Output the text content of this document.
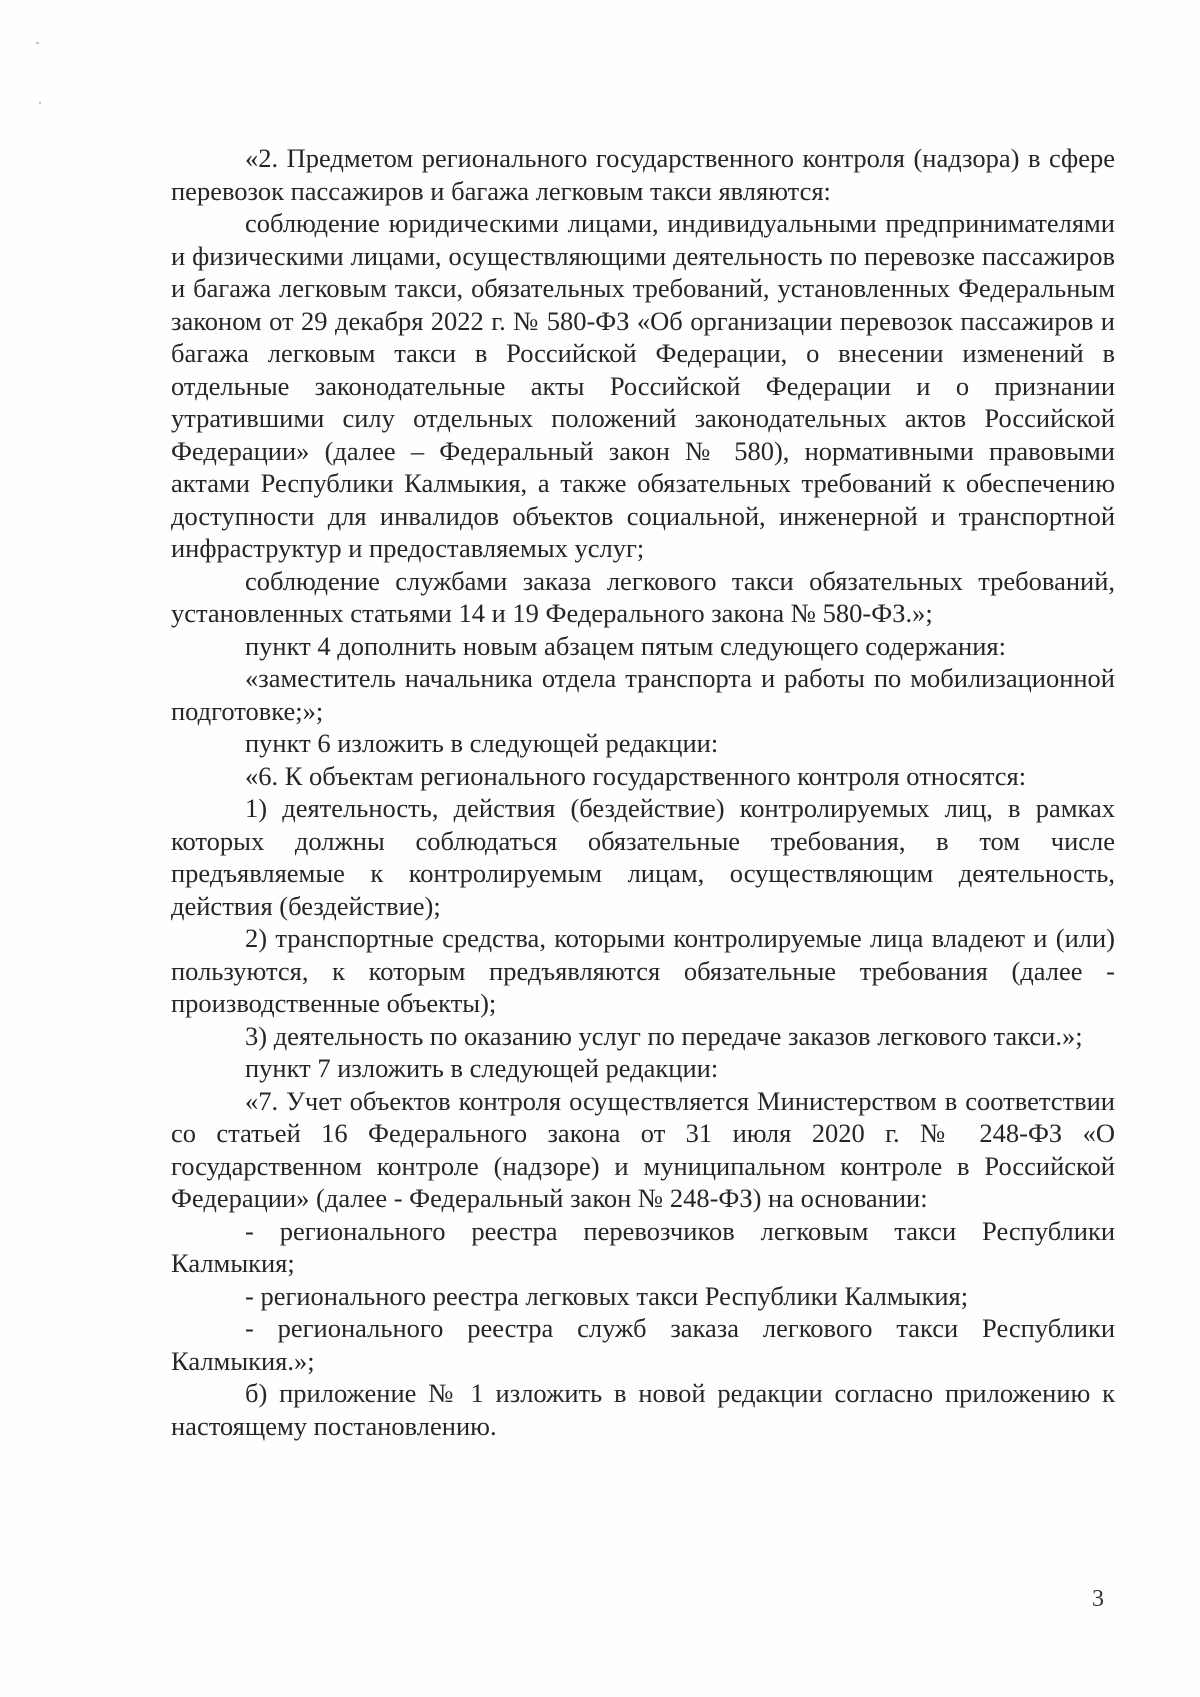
«2. Предметом регионального государственного контроля (надзора) в сфере перевозок пассажиров и багажа легковым такси являются:

соблюдение юридическими лицами, индивидуальными предпринимателями и физическими лицами, осуществляющими деятельность по перевозке пассажиров и багажа легковым такси, обязательных требований, установленных Федеральным законом от 29 декабря 2022 г. № 580-ФЗ «Об организации перевозок пассажиров и багажа легковым такси в Российской Федерации, о внесении изменений в отдельные законодательные акты Российской Федерации и о признании утратившими силу отдельных положений законодательных актов Российской Федерации» (далее – Федеральный закон № 580), нормативными правовыми актами Республики Калмыкия, а также обязательных требований к обеспечению доступности для инвалидов объектов социальной, инженерной и транспортной инфраструктур и предоставляемых услуг;

соблюдение службами заказа легкового такси обязательных требований, установленных статьями 14 и 19 Федерального закона № 580-ФЗ.»;

пункт 4 дополнить новым абзацем пятым следующего содержания:

«заместитель начальника отдела транспорта и работы по мобилизационной подготовке;»;

пункт 6 изложить в следующей редакции:

«6. К объектам регионального государственного контроля относятся:

1) деятельность, действия (бездействие) контролируемых лиц, в рамках которых должны соблюдаться обязательные требования, в том числе предъявляемые к контролируемым лицам, осуществляющим деятельность, действия (бездействие);

2) транспортные средства, которыми контролируемые лица владеют и (или) пользуются, к которым предъявляются обязательные требования (далее - производственные объекты);

3) деятельность по оказанию услуг по передаче заказов легкового такси.»;

пункт 7 изложить в следующей редакции:

«7. Учет объектов контроля осуществляется Министерством в соответствии со статьей 16 Федерального закона от 31 июля 2020 г. № 248-ФЗ «О государственном контроле (надзоре) и муниципальном контроле в Российской Федерации» (далее - Федеральный закон № 248-ФЗ) на основании:

- регионального реестра перевозчиков легковым такси Республики Калмыкия;

- регионального реестра легковых такси Республики Калмыкия;

- регионального реестра служб заказа легкового такси Республики Калмыкия.»;

б) приложение № 1 изложить в новой редакции согласно приложению к настоящему постановлению.

3
